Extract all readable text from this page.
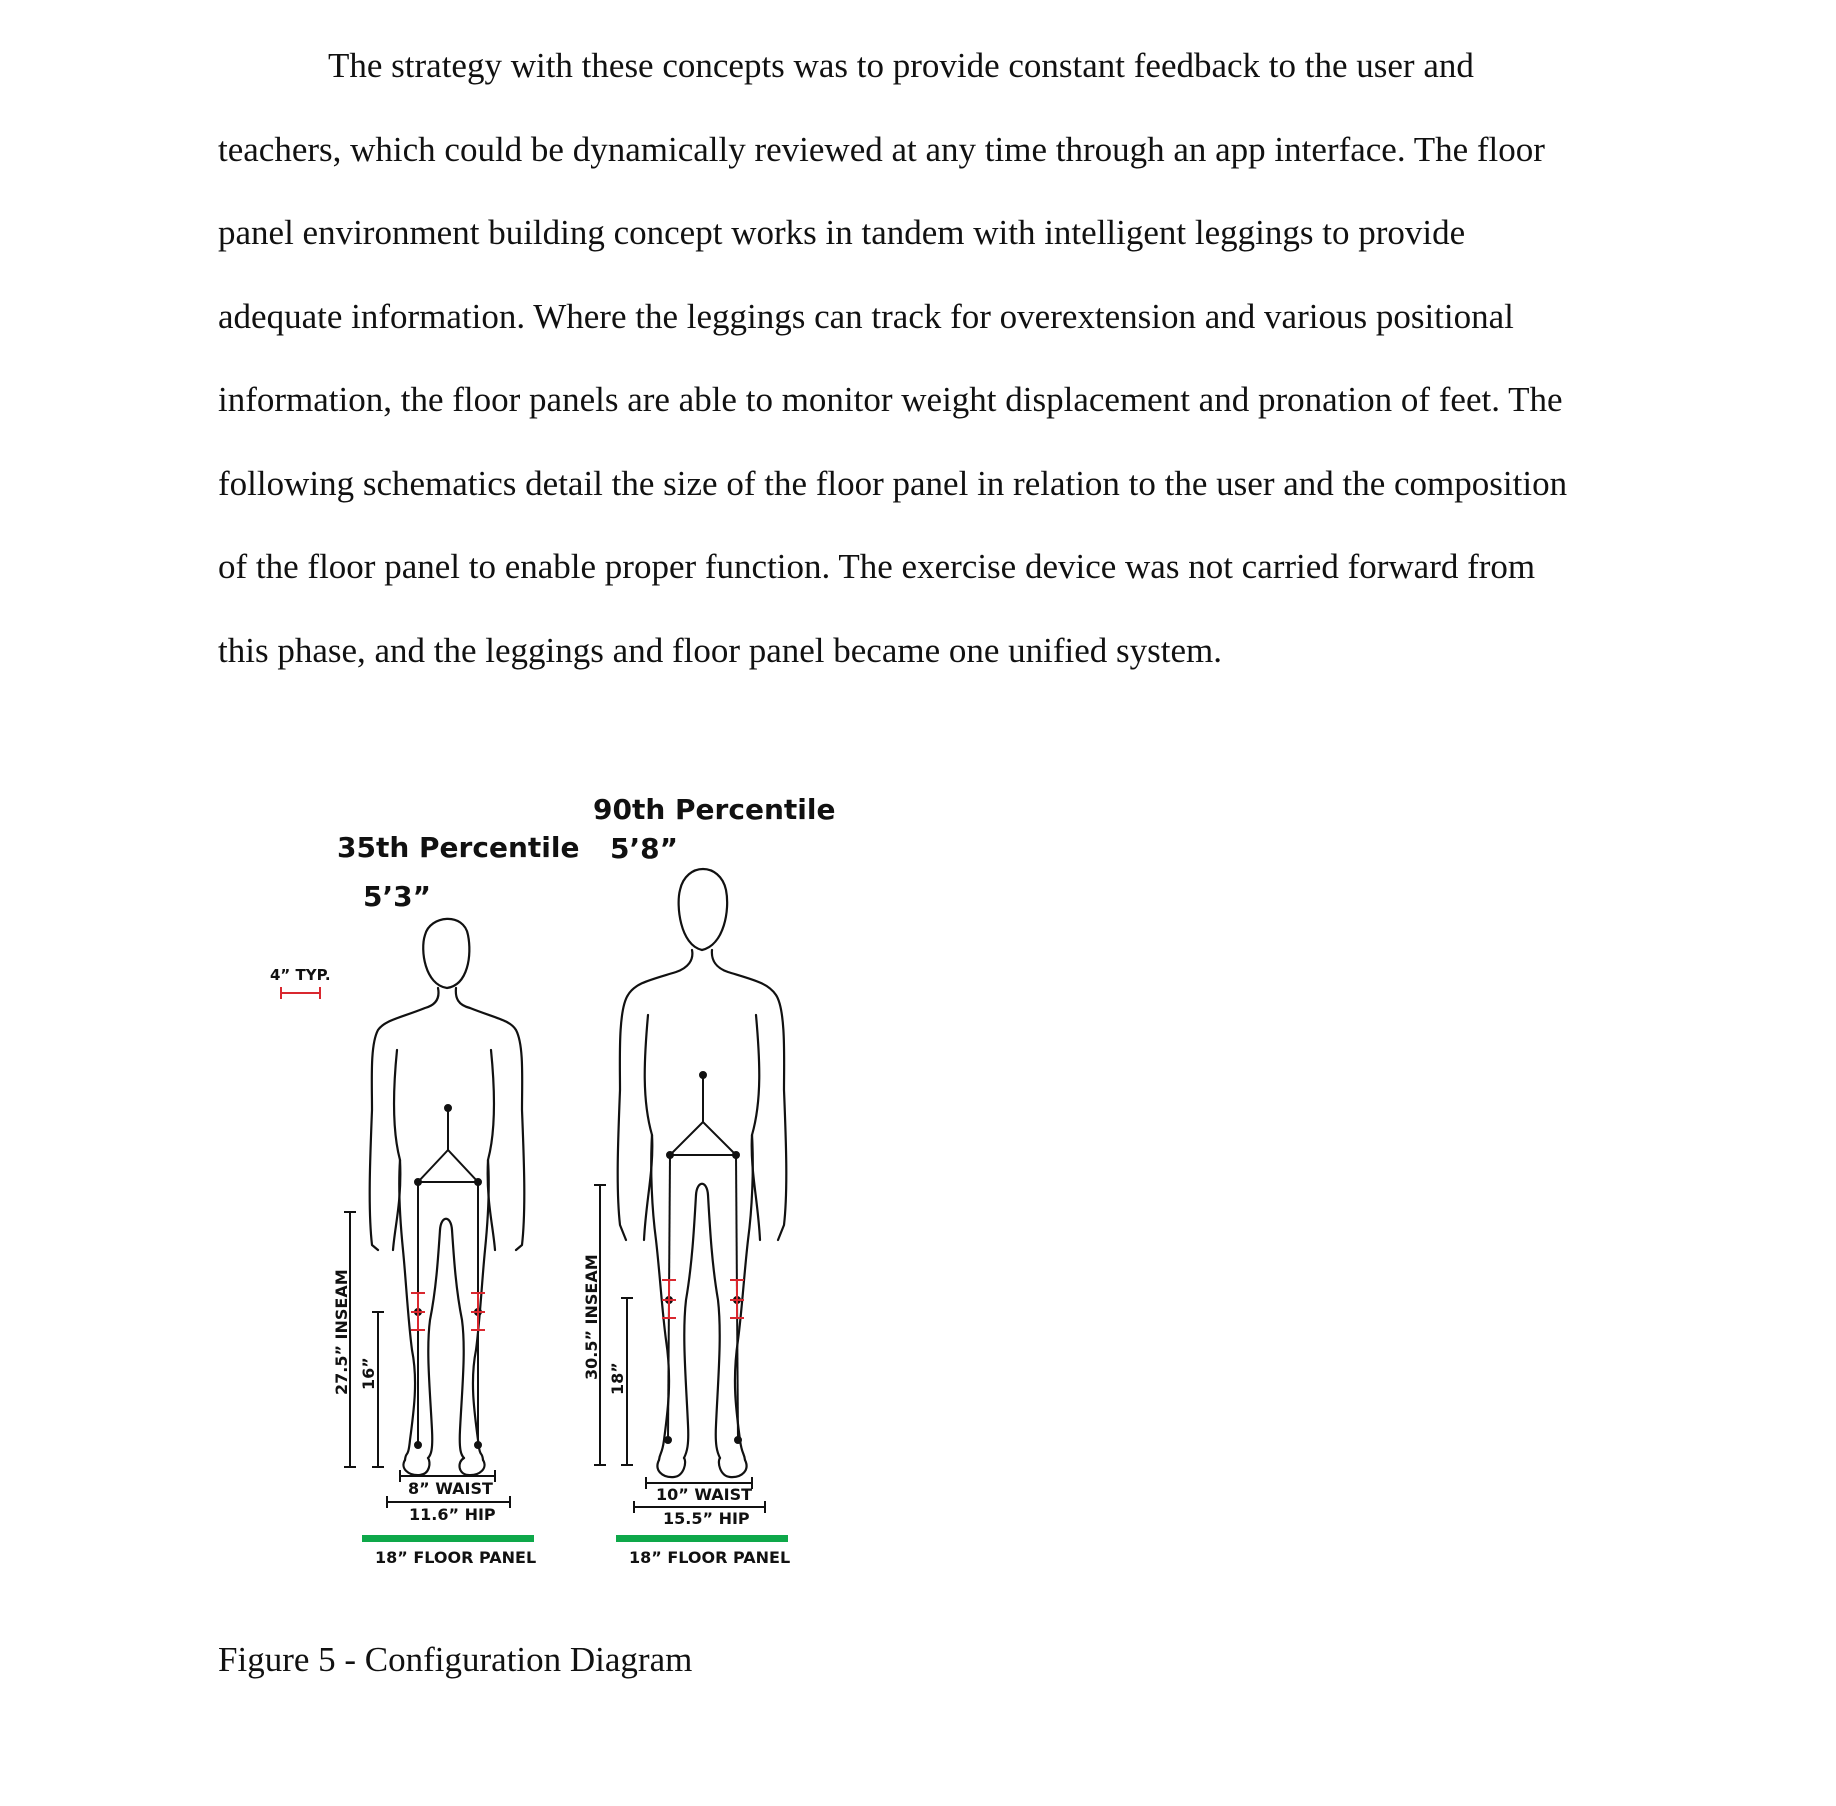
The strategy with these concepts was to provide constant feedback to the user and
teachers, which could be dynamically reviewed at any time through an app interface. The floor
panel environment building concept works in tandem with intelligent leggings to provide
adequate information. Where the leggings can track for overextension and various positional
information, the floor panels are able to monitor weight displacement and pronation of feet. The
following schematics detail the size of the floor panel in relation to the user and the composition
of the floor panel to enable proper function. The exercise device was not carried forward from
this phase, and the leggings and floor panel became one unified system.
4” TYP.
35th Percentile
5’3”
27.5” INSEAM 16”
8” WAIST
11.6” HIP
18” FLOOR PANEL
90th Percentile
5’8”
30.5” INSEAM 18”
10” WAIST
15.5” HIP
18” FLOOR PANEL

Figure 5 - Configuration Diagram
